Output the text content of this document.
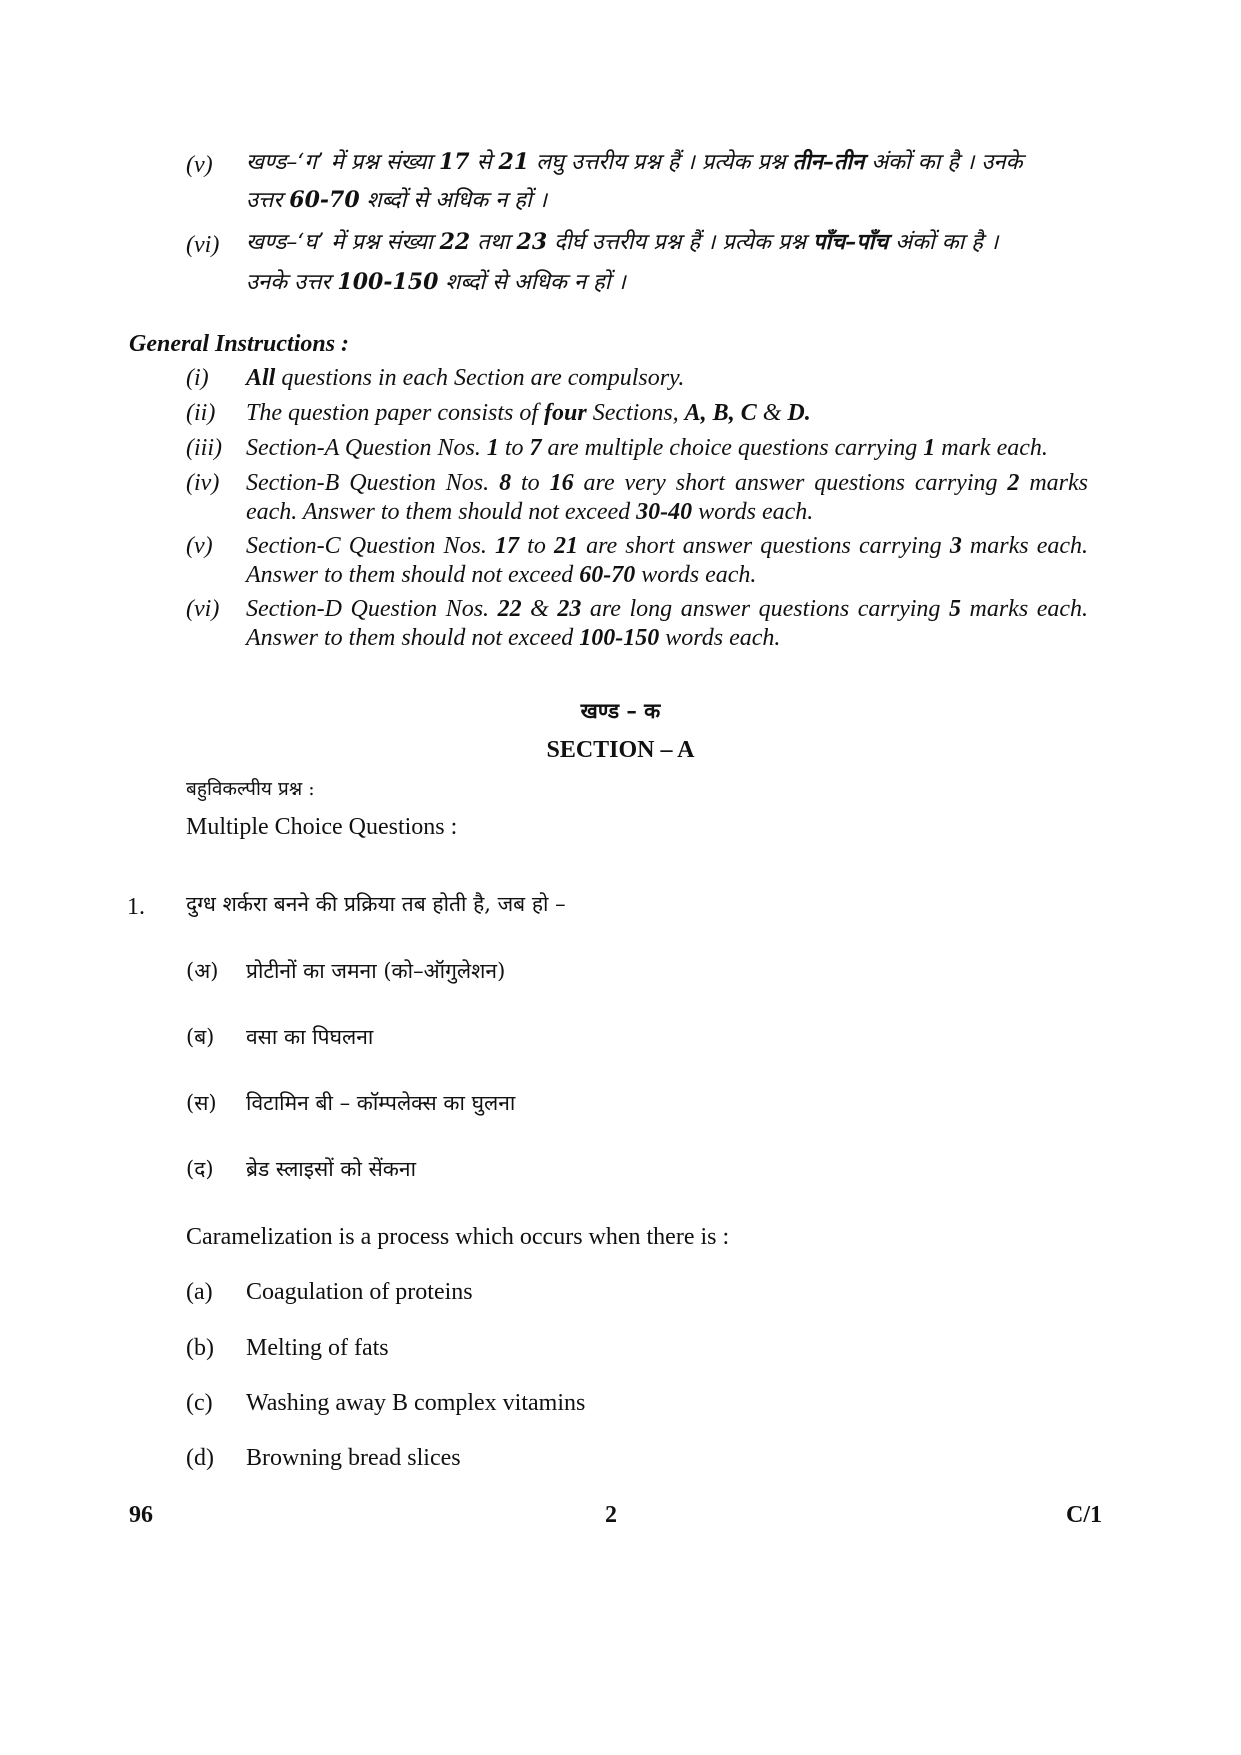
(v) खण्ड–‘ग’ में प्रश्न संख्या 17 से 21 लघु उत्तरीय प्रश्न हैं । प्रत्येक प्रश्न तीन–तीन अंकों का है । उनके
उत्तर 60-70 शब्दों से अधिक न हों ।
(vi) खण्ड–‘घ’ में प्रश्न संख्या 22 तथा 23 दीर्घ उत्तरीय प्रश्न हैं । प्रत्येक प्रश्न पाँच–पाँच अंकों का है ।
उनके उत्तर 100-150 शब्दों से अधिक न हों ।
General Instructions :
(i) All questions in each Section are compulsory.
(ii) The question paper consists of four Sections, A, B, C & D.
(iii) Section-A Question Nos. 1 to 7 are multiple choice questions carrying 1 mark each.
(iv) Section-B Question Nos. 8 to 16 are very short answer questions carrying 2 marks each. Answer to them should not exceed 30-40 words each.
(v) Section-C Question Nos. 17 to 21 are short answer questions carrying 3 marks each. Answer to them should not exceed 60-70 words each.
(vi) Section-D Question Nos. 22 & 23 are long answer questions carrying 5 marks each. Answer to them should not exceed 100-150 words each.
खण्ड – क
SECTION – A
बहुविकल्पीय प्रश्न :
Multiple Choice Questions :
1. दुग्ध शर्करा बनने की प्रक्रिया तब होती है, जब हो –
(अ) प्रोटीनों का जमना (को–ऑगुलेशन)
(ब) वसा का पिघलना
(स) विटामिन बी – कॉम्पलेक्स का घुलना
(द) ब्रेड स्लाइसों को सेंकना
Caramelization is a process which occurs when there is :
(a) Coagulation of proteins
(b) Melting of fats
(c) Washing away B complex vitamins
(d) Browning bread slices
96	2	C/1
